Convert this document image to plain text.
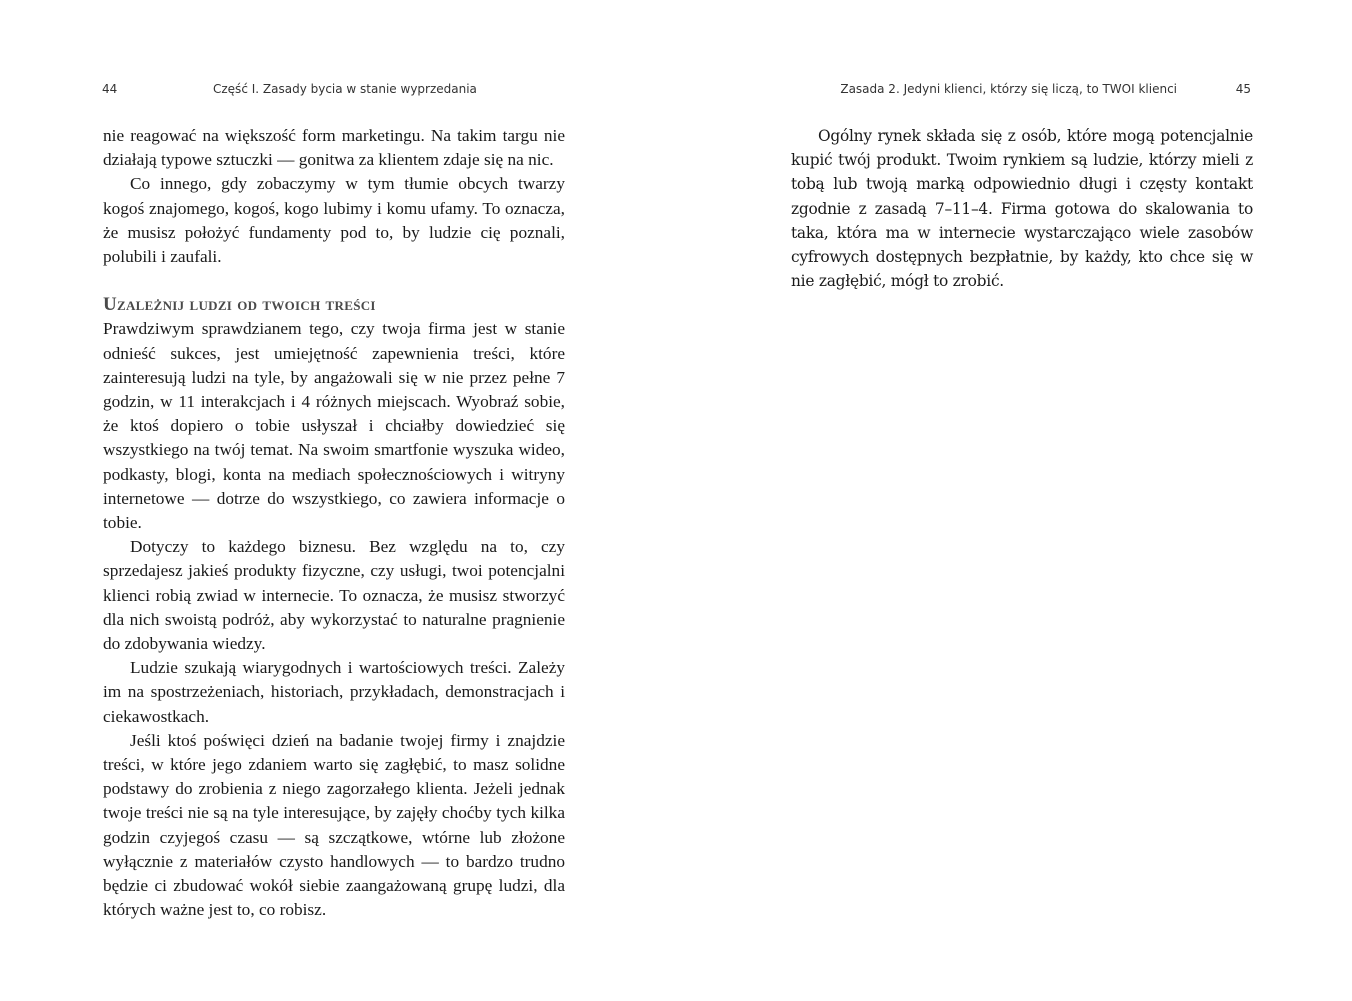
44	Część I. Zasady bycia w stanie wyprzedania

nie reagować na większość form marketingu. Na takim targu nie działają typowe sztuczki — gonitwa za klientem zdaje się na nic.

Co innego, gdy zobaczymy w tym tłumie obcych twarzy kogoś znajomego, kogoś, kogo lubimy i komu ufamy. To oznacza, że musisz położyć fundamenty pod to, by ludzie cię poznali, polubili i zaufali.

Uzależnij ludzi od twoich treści

Prawdziwym sprawdzianem tego, czy twoja firma jest w stanie odnieść sukces, jest umiejętność zapewnienia treści, które zainteresują ludzi na tyle, by angażowali się w nie przez pełne 7 godzin, w 11 interakcjach i 4 różnych miejscach. Wyobraź sobie, że ktoś dopiero o tobie usłyszał i chciałby dowiedzieć się wszystkiego na twój temat. Na swoim smartfonie wyszuka wideo, podkasty, blogi, konta na mediach społecznościowych i witryny internetowe — dotrze do wszystkiego, co zawiera informacje o tobie.

Dotyczy to każdego biznesu. Bez względu na to, czy sprzedajesz jakieś produkty fizyczne, czy usługi, twoi potencjalni klienci robią zwiad w internecie. To oznacza, że musisz stworzyć dla nich swoistą podróż, aby wykorzystać to naturalne pragnienie do zdobywania wiedzy.

Ludzie szukają wiarygodnych i wartościowych treści. Zależy im na spostrzeżeniach, historiach, przykładach, demonstracjach i ciekawostkach.

Jeśli ktoś poświęci dzień na badanie twojej firmy i znajdzie treści, w które jego zdaniem warto się zagłębić, to masz solidne podstawy do zrobienia z niego zagorzałego klienta. Jeżeli jednak twoje treści nie są na tyle interesujące, by zajęły choćby tych kilka godzin czyjegoś czasu — są szczątkowe, wtórne lub złożone wyłącznie z materiałów czysto handlowych — to bardzo trudno będzie ci zbudować wokół siebie zaangażowaną grupę ludzi, dla których ważne jest to, co robisz.

Zasada 2. Jedyni klienci, którzy się liczą, to TWOI klienci	45

Ogólny rynek składa się z osób, które mogą potencjalnie kupić twój produkt. Twoim rynkiem są ludzie, którzy mieli z tobą lub twoją marką odpowiednio długi i częsty kontakt zgodnie z zasadą 7–11–4. Firma gotowa do skalowania to taka, która ma w internecie wystarczająco wiele zasobów cyfrowych dostępnych bezpłatnie, by każdy, kto chce się w nie zagłębić, mógł to zrobić.
